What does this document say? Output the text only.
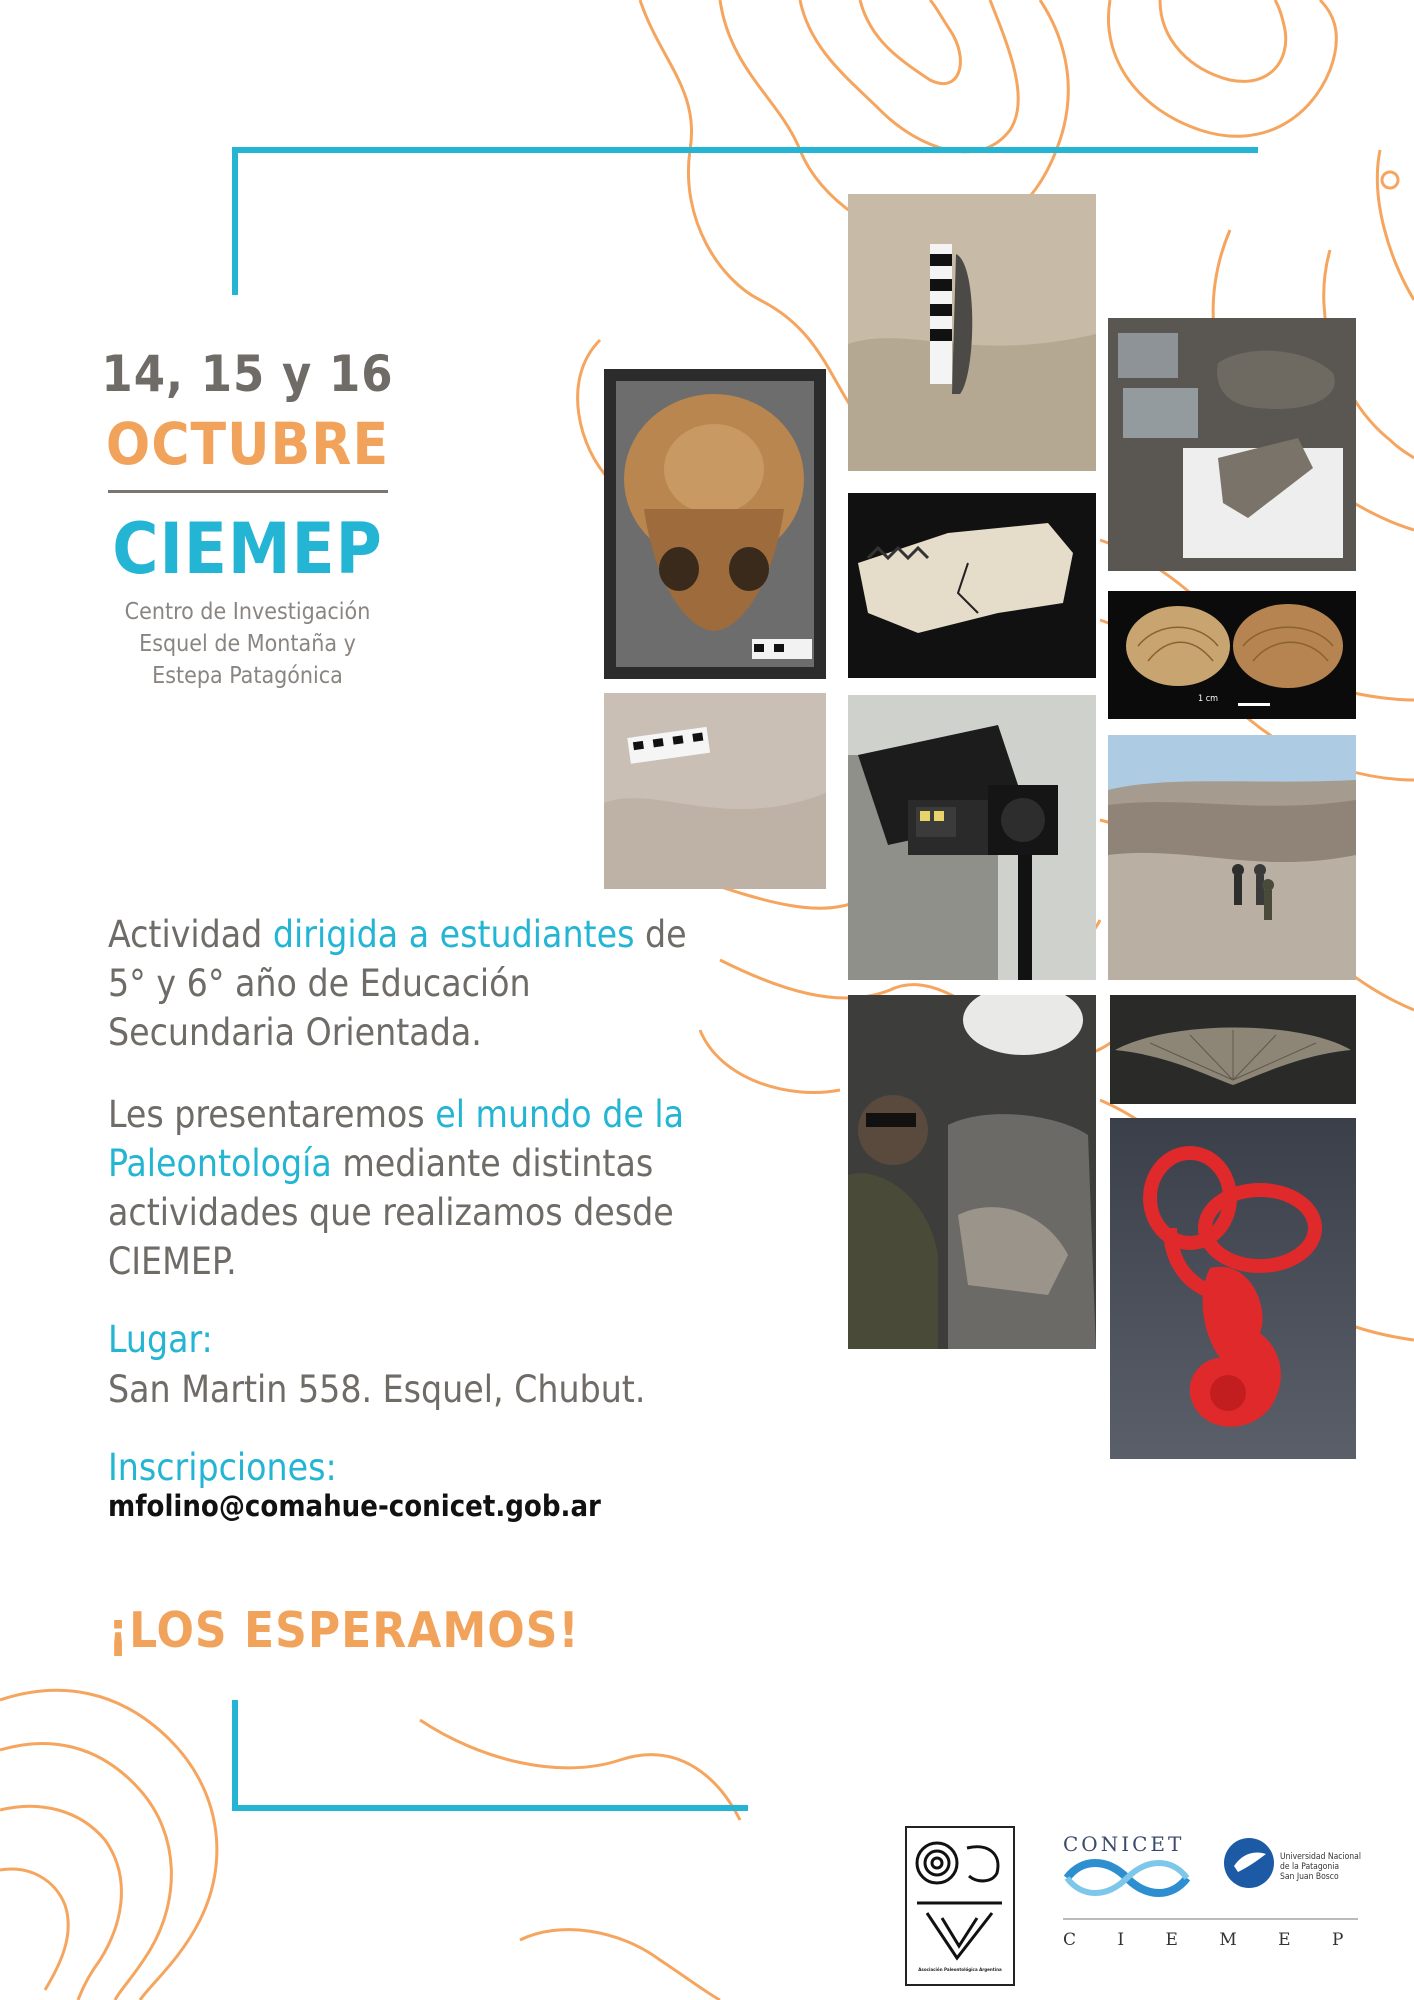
14, 15 y 16
OCTUBRE
CIEMEP
Centro de Investigación
Esquel de Montaña y
Estepa Patagónica
Actividad dirigida a estudiantes de 5° y 6° año de Educación Secundaria Orientada.
Les presentaremos el mundo de la Paleontología mediante distintas actividades que realizamos desde CIEMEP.
Lugar:
San Martin 558. Esquel, Chubut.
Inscripciones:
mfolino@comahue-conicet.gob.ar
¡LOS ESPERAMOS!
1 cm
Asociación Paleontológica Argentina
CONICET
Universidad Nacional
de la Patagonia
San Juan Bosco
C I E M E P
